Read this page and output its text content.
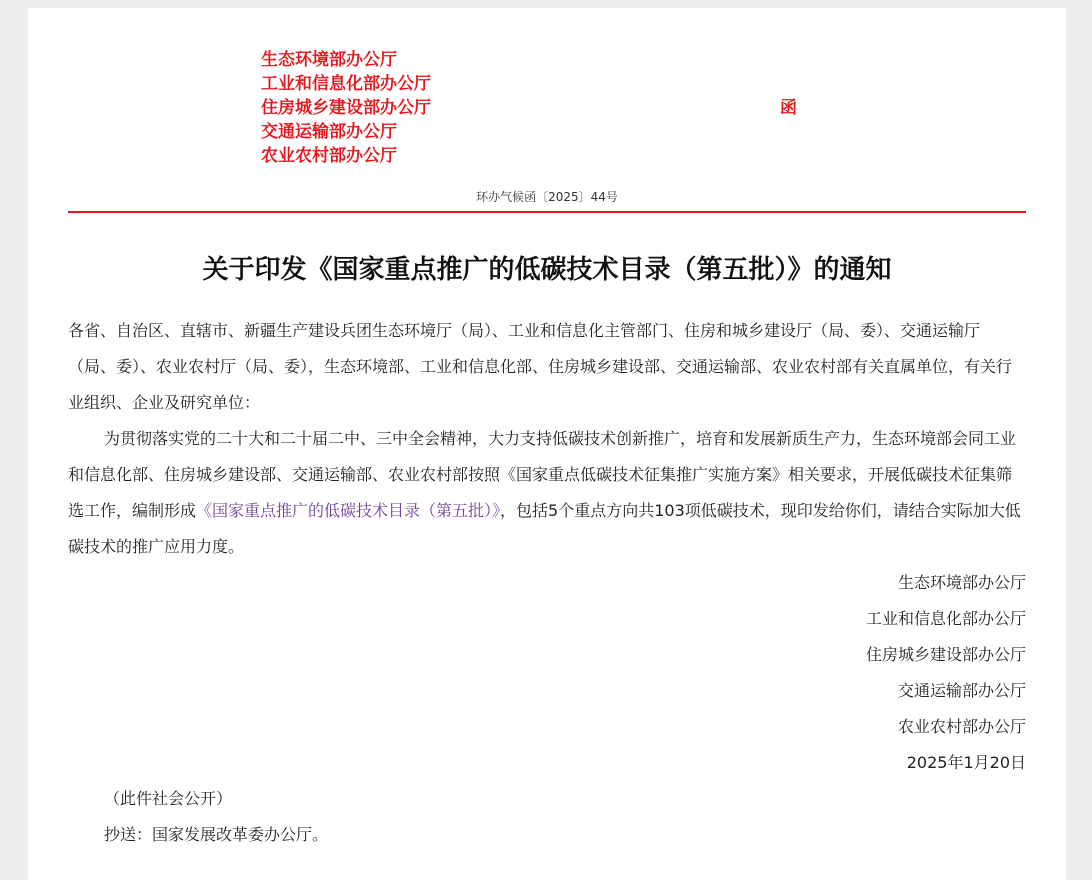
生态环境部办公厅
工业和信息化部办公厅
住房城乡建设部办公厅
交通运输部办公厅
农业农村部办公厅
函
环办气候函〔2025〕44号
关于印发《国家重点推广的低碳技术目录（第五批）》的通知

各省、自治区、直辖市、新疆生产建设兵团生态环境厅（局）、工业和信息化主管部门、住房和城乡建设厅（局、委）、交通运输厅（局、委）、农业农村厅（局、委），生态环境部、工业和信息化部、住房城乡建设部、交通运输部、农业农村部有关直属单位，有关行业组织、企业及研究单位：

为贯彻落实党的二十大和二十届二中、三中全会精神，大力支持低碳技术创新推广，培育和发展新质生产力，生态环境部会同工业和信息化部、住房城乡建设部、交通运输部、农业农村部按照《国家重点低碳技术征集推广实施方案》相关要求，开展低碳技术征集筛选工作，编制形成《国家重点推广的低碳技术目录（第五批）》，包括5个重点方向共103项低碳技术，现印发给你们，请结合实际加大低碳技术的推广应用力度。

生态环境部办公厅
工业和信息化部办公厅
住房城乡建设部办公厅
交通运输部办公厅
农业农村部办公厅
2025年1月20日
（此件社会公开）
抄送：国家发展改革委办公厅。
